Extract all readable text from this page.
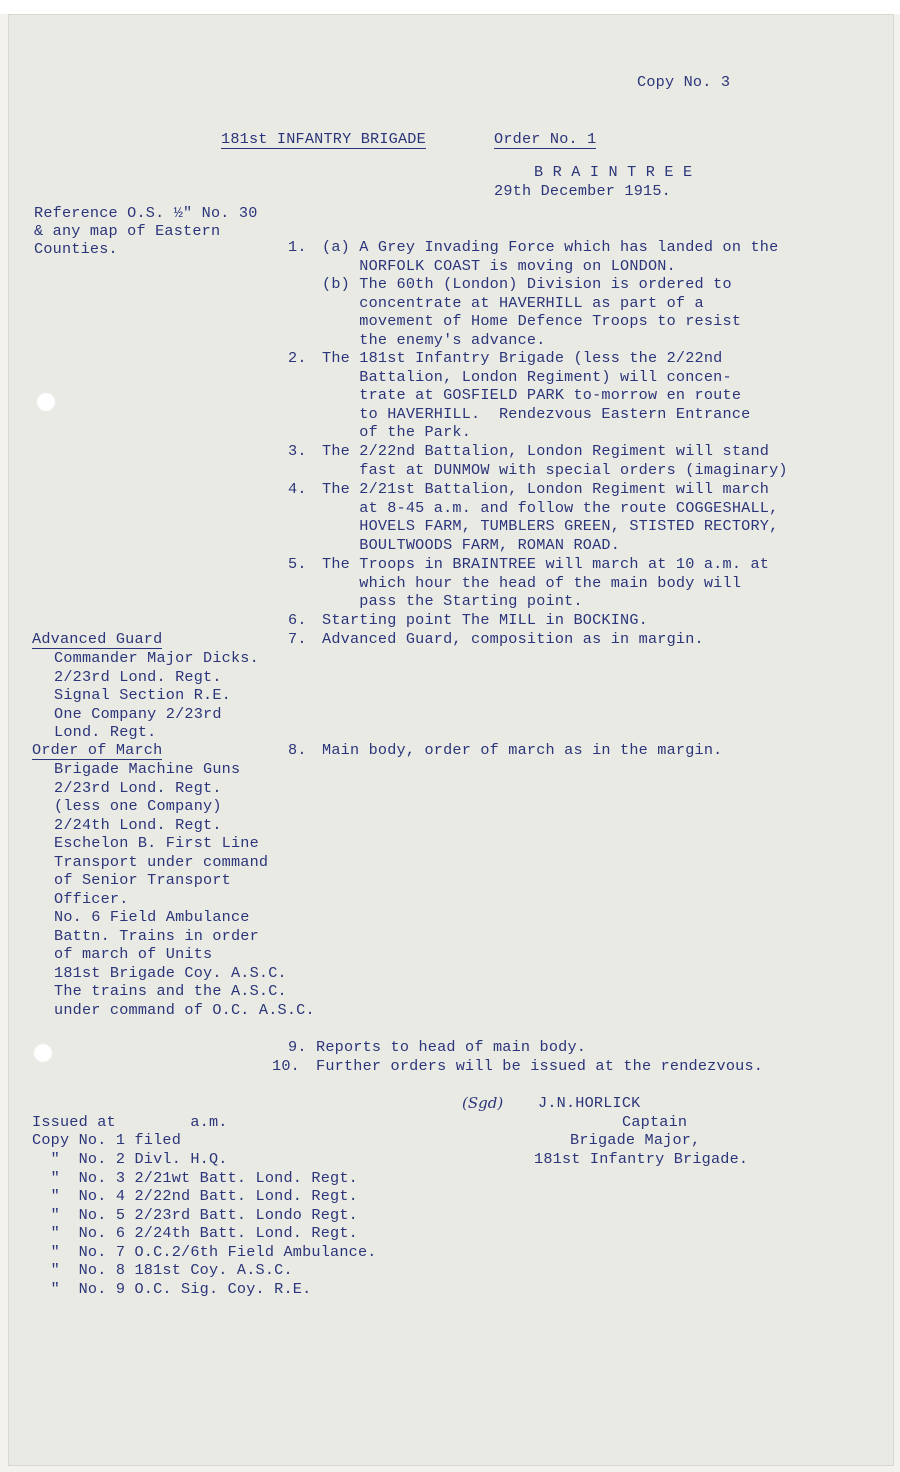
Copy No. 3
181st INFANTRY BRIGADE	Order No. 1
B R A I N T R E E
29th December 1915.
Reference O.S. ½" No. 30
& any map of Eastern
Counties.	1. (a) A Grey Invading Force which has landed on the
NORFOLK COAST is moving on LONDON.
(b) The 60th (London) Division is ordered to
concentrate at HAVERHILL as part of a
movement of Home Defence Troops to resist
the enemy's advance.
2. The 181st Infantry Brigade (less the 2/22nd
Battalion, London Regiment) will concen-
trate at GOSFIELD PARK to-morrow en route
to HAVERHILL.  Rendezvous Eastern Entrance
of the Park.
3. The 2/22nd Battalion, London Regiment will stand
fast at DUNMOW with special orders (imaginary)
4. The 2/21st Battalion, London Regiment will march
at 8-45 a.m. and follow the route COGGESHALL,
HOVELS FARM, TUMBLERS GREEN, STISTED RECTORY,
BOULTWOODS FARM, ROMAN ROAD.
5. The Troops in BRAINTREE will march at 10 a.m. at
which hour the head of the main body will
pass the Starting point.
6. Starting point The MILL in BOCKING.
7. Advanced Guard, composition as in margin.
Advanced Guard
Commander Major Dicks.
2/23rd Lond. Regt.
Signal Section R.E.
One Company 2/23rd
Lond. Regt.
Order of March	8. Main body, order of march as in the margin.
Brigade Machine Guns
2/23rd Lond. Regt.
(less one Company)
2/24th Lond. Regt.
Eschelon B. First Line
Transport under command
of Senior Transport
Officer.
No. 6 Field Ambulance
Battn. Trains in order
of march of Units
181st Brigade Coy. A.S.C.
The trains and the A.S.C.
under command of O.C. A.S.C.
9. Reports to head of main body.
10. Further orders will be issued at the rendezvous.
(Sgd) J.N.HORLICK
Captain
Brigade Major,
181st Infantry Brigade.
Issued at        a.m.
Copy No. 1 filed
"  No. 2 Divl. H.Q.
"  No. 3 2/21wt Batt. Lond. Regt.
"  No. 4 2/22nd Batt. Lond. Regt.
"  No. 5 2/23rd Batt. Londo Regt.
"  No. 6 2/24th Batt. Lond. Regt.
"  No. 7 O.C.2/6th Field Ambulance.
"  No. 8 181st Coy. A.S.C.
"  No. 9 O.C. Sig. Coy. R.E.
